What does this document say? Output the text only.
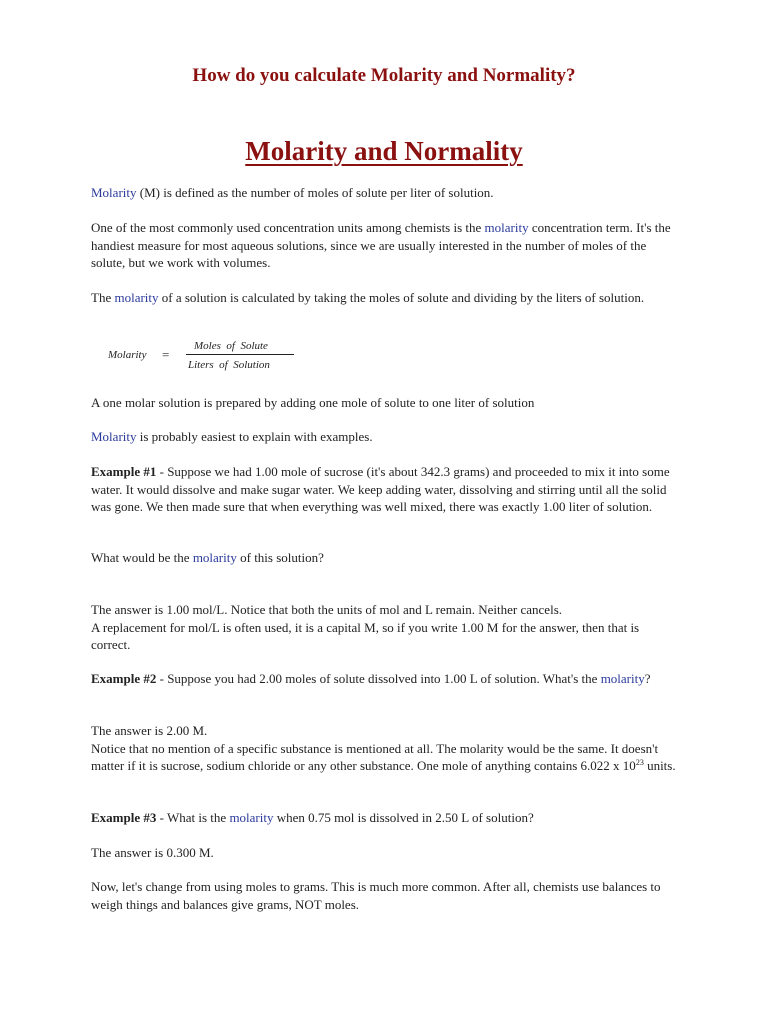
How do you calculate Molarity and Normality?
Molarity and Normality

Molarity (M) is defined as the number of moles of solute per liter of solution.

One of the most commonly used concentration units among chemists is the molarity concentration term. It's the handiest measure for most aqueous solutions, since we are usually interested in the number of moles of the solute, but we work with volumes.

The molarity of a solution is calculated by taking the moles of solute and dividing by the liters of solution.

Molarity =
Moles  of  Solute
Liters  of  Solution

A one molar solution is prepared by adding one mole of solute to one liter of solution

Molarity is probably easiest to explain with examples.

Example #1 - Suppose we had 1.00 mole of sucrose (it's about 342.3 grams) and proceeded to mix it into some water. It would dissolve and make sugar water. We keep adding water, dissolving and stirring until all the solid was gone. We then made sure that when everything was well mixed, there was exactly 1.00 liter of solution.

What would be the molarity of this solution?

The answer is 1.00 mol/L. Notice that both the units of mol and L remain. Neither cancels.
A replacement for mol/L is often used, it is a capital M, so if you write 1.00 M for the answer, then that is correct.

Example #2 - Suppose you had 2.00 moles of solute dissolved into 1.00 L of solution. What's the molarity?

The answer is 2.00 M.
Notice that no mention of a specific substance is mentioned at all. The molarity would be the same. It doesn't matter if it is sucrose, sodium chloride or any other substance. One mole of anything contains 6.022 x $10^{23}$ units.

Example #3 - What is the molarity when 0.75 mol is dissolved in 2.50 L of solution?

The answer is 0.300 M.

Now, let's change from using moles to grams. This is much more common. After all, chemists use balances to weigh things and balances give grams, NOT moles.
